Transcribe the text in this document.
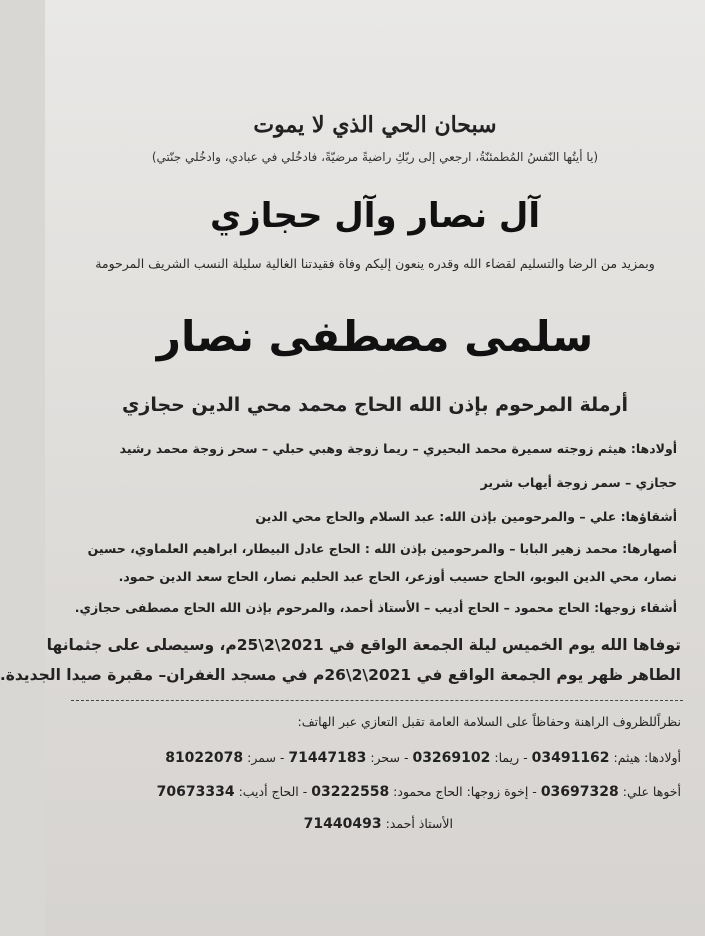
سبحان الحي الذي لا يموت
(يا أيتُها النّفسُ المُطمئنّةُ، ارجعي إلى ربّكِ راضيةً مرضيّةً، فادخُلي في عبادي، وادخُلي جنّتي)
آل نصار وآل حجازي
وبمزيد من الرضا والتسليم لقضاء الله وقدره ينعون إليكم وفاة فقيدتنا الغالية سليلة النسب الشريف المرحومة
سلمى مصطفى نصار
أرملة المرحوم بإذن الله الحاج محمد محي الدين حجازي
أولادها: هيثم زوجته سميرة محمد البحيري – ريما زوجة وهبي حبلي – سحر زوجة محمد رشيد
حجازي – سمر زوجة أيهاب شرير
أشقاؤها: علي – والمرحومين بإذن الله: عبد السلام والحاج محي الدين
أصهارها: محمد زهير البابا – والمرحومين بإذن الله : الحاج عادل البيطار، ابراهيم العلماوي، حسين
نصار، محي الدين البوبو، الحاج حسيب أوزعر، الحاج عبد الحليم نصار، الحاج سعد الدين حمود.
أشقاء زوجها: الحاج محمود – الحاج أديب – الأستاذ أحمد، والمرحوم بإذن الله الحاج مصطفى حجازي.
توفاها الله يوم الخميس ليلة الجمعة الواقع في 2021\2\25م، وسيصلى على جثمانها
الطاهر ظهر يوم الجمعة الواقع في 2021\2\26م في مسجد الغفران– مقبرة صيدا الجديدة.
نظراًللظروف الراهنة وحفاظاً على السلامة العامة تقبل التعازي عبر الهاتف:
أولادها: هيثم: 03491162 - ريما: 03269102 - سحر: 71447183 - سمر: 81022078
أخوها علي: 03697328 - إخوة زوجها: الحاج محمود: 03222558 - الحاج أديب: 70673334
الأستاذ أحمد: 71440493
